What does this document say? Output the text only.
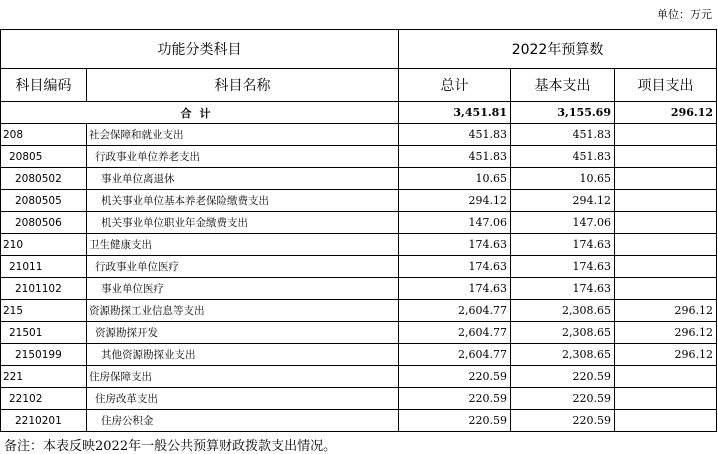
单位：万元
功能分类科目		2022年预算数		
科目编码	科目名称	总计	基本支出	项目支出
合计		3,451.81	3,155.69	296.12
208	社会保障和就业支出	451.83	451.83	
20805	行政事业单位养老支出	451.83	451.83	
2080502	事业单位离退休	10.65	10.65	
2080505	机关事业单位基本养老保险缴费支出	294.12	294.12	
2080506	机关事业单位职业年金缴费支出	147.06	147.06	
210	卫生健康支出	174.63	174.63	
21011	行政事业单位医疗	174.63	174.63	
2101102	事业单位医疗	174.63	174.63	
215	资源勘探工业信息等支出	2,604.77	2,308.65	296.12
21501	资源勘探开发	2,604.77	2,308.65	296.12
2150199	其他资源勘探业支出	2,604.77	2,308.65	296.12
221	住房保障支出	220.59	220.59	
22102	住房改革支出	220.59	220.59	
2210201	住房公积金	220.59	220.59	
备注：本表反映2022年一般公共预算财政拨款支出情况。
